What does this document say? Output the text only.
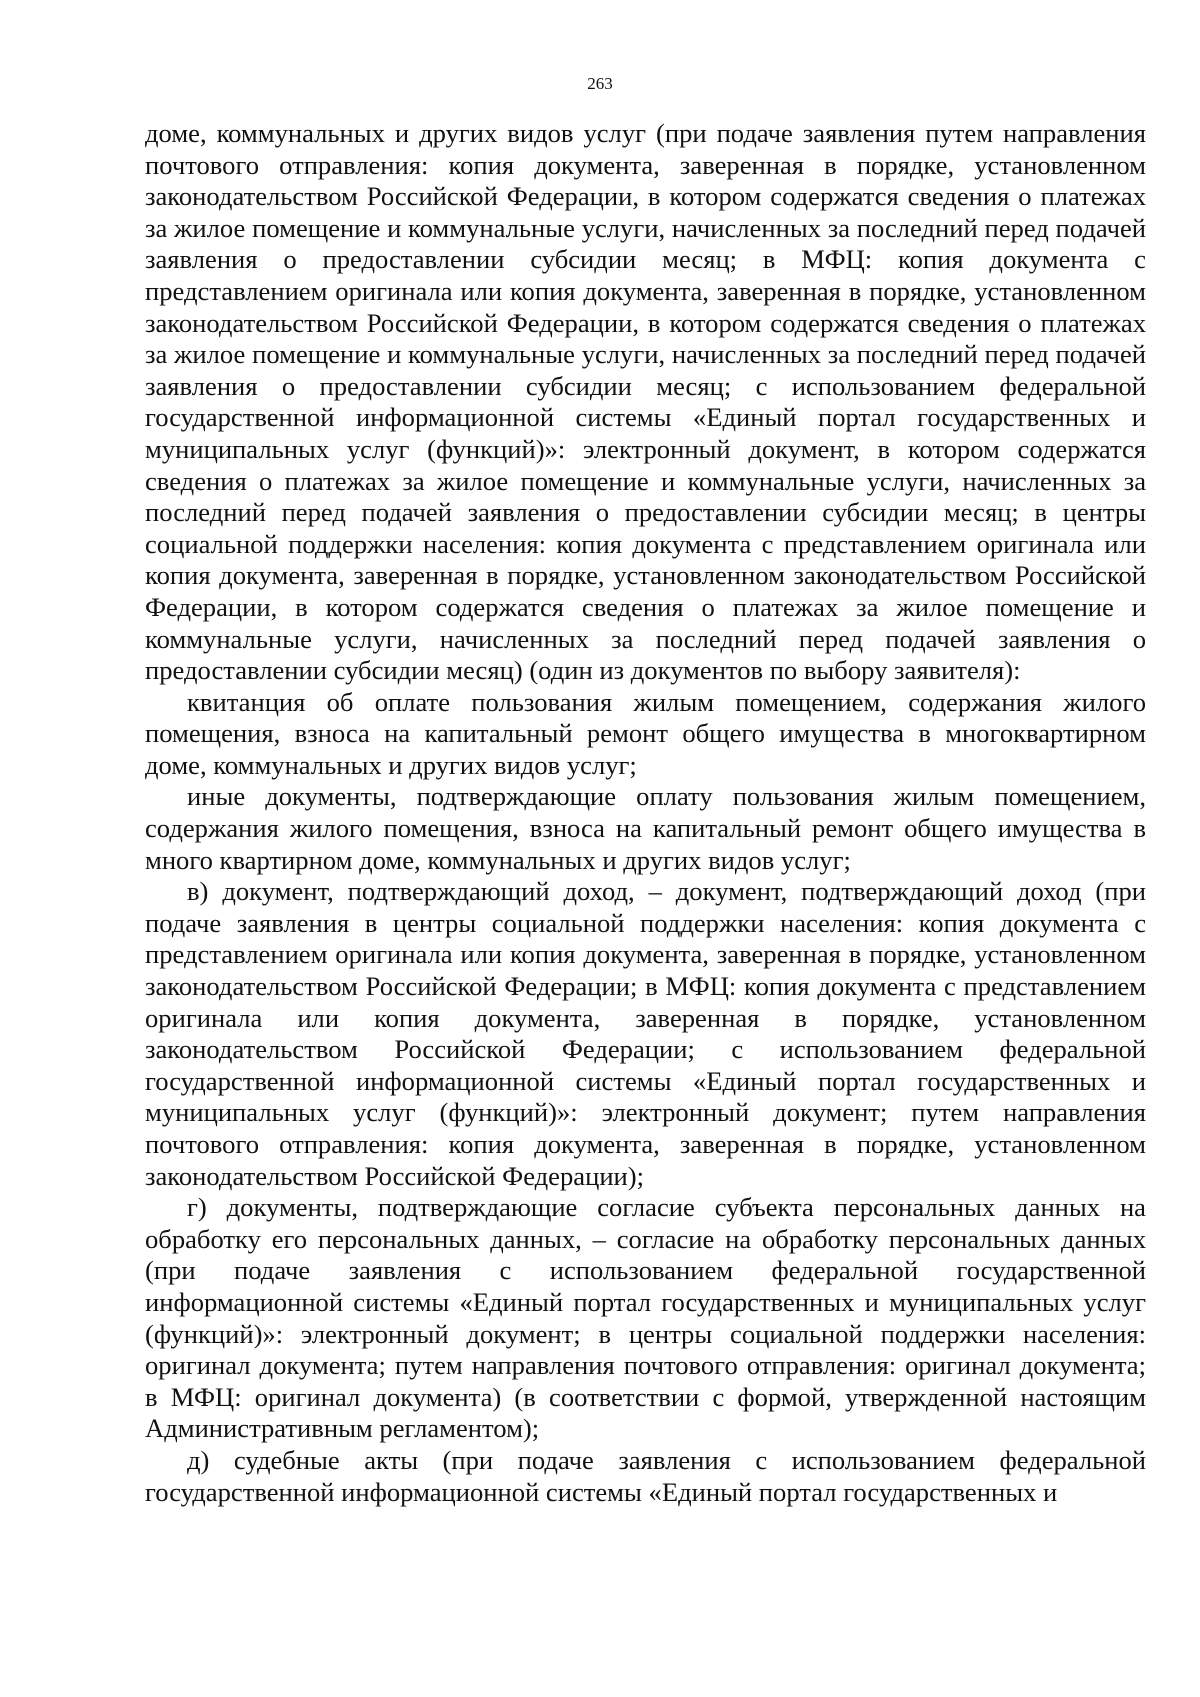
263

доме, коммунальных и других видов услуг (при подаче заявления путем направления почтового отправления: копия документа, заверенная в порядке, установленном законодательством Российской Федерации, в котором содержатся сведения о платежах за жилое помещение и коммунальные услуги, начисленных за последний перед подачей заявления о предоставлении субсидии месяц; в МФЦ: копия документа с представлением оригинала или копия документа, заверенная в порядке, установленном законодательством Российской Федерации, в котором содержатся сведения о платежах за жилое помещение и коммунальные услуги, начисленных за последний перед подачей заявления о предоставлении субсидии месяц; с использованием федеральной государственной информационной системы «Единый портал государственных и муниципальных услуг (функций)»: электронный документ, в котором содержатся сведения о платежах за жилое помещение и коммунальные услуги, начисленных за последний перед подачей заявления о предоставлении субсидии месяц; в центры социальной поддержки населения: копия документа с представлением оригинала или копия документа, заверенная в порядке, установленном законодательством Российской Федерации, в котором содержатся сведения о платежах за жилое помещение и коммунальные услуги, начисленных за последний перед подачей заявления о предоставлении субсидии месяц) (один из документов по выбору заявителя):

квитанция об оплате пользования жилым помещением, содержания жилого помещения, взноса на капитальный ремонт общего имущества в многоквартирном доме, коммунальных и других видов услуг;

иные документы, подтверждающие оплату пользования жилым помещением, содержания жилого помещения, взноса на капитальный ремонт общего имущества в много квартирном доме, коммунальных и других видов услуг;

в) документ, подтверждающий доход, – документ, подтверждающий доход (при подаче заявления в центры социальной поддержки населения: копия документа с представлением оригинала или копия документа, заверенная в порядке, установленном законодательством Российской Федерации; в МФЦ: копия документа с представлением оригинала или копия документа, заверенная в порядке, установленном законодательством Российской Федерации; с использованием федеральной государственной информационной системы «Единый портал государственных и муниципальных услуг (функций)»: электронный документ; путем направления почтового отправления: копия документа, заверенная в порядке, установленном законодательством Российской Федерации);

г) документы, подтверждающие согласие субъекта персональных данных на обработку его персональных данных, – согласие на обработку персональных данных (при подаче заявления с использованием федеральной государственной информационной системы «Единый портал государственных и муниципальных услуг (функций)»: электронный документ; в центры социальной поддержки населения: оригинал документа; путем направления почтового отправления: оригинал документа; в МФЦ: оригинал документа) (в соответствии с формой, утвержденной настоящим Административным регламентом);

д) судебные акты (при подаче заявления с использованием федеральной государственной информационной системы «Единый портал государственных и
